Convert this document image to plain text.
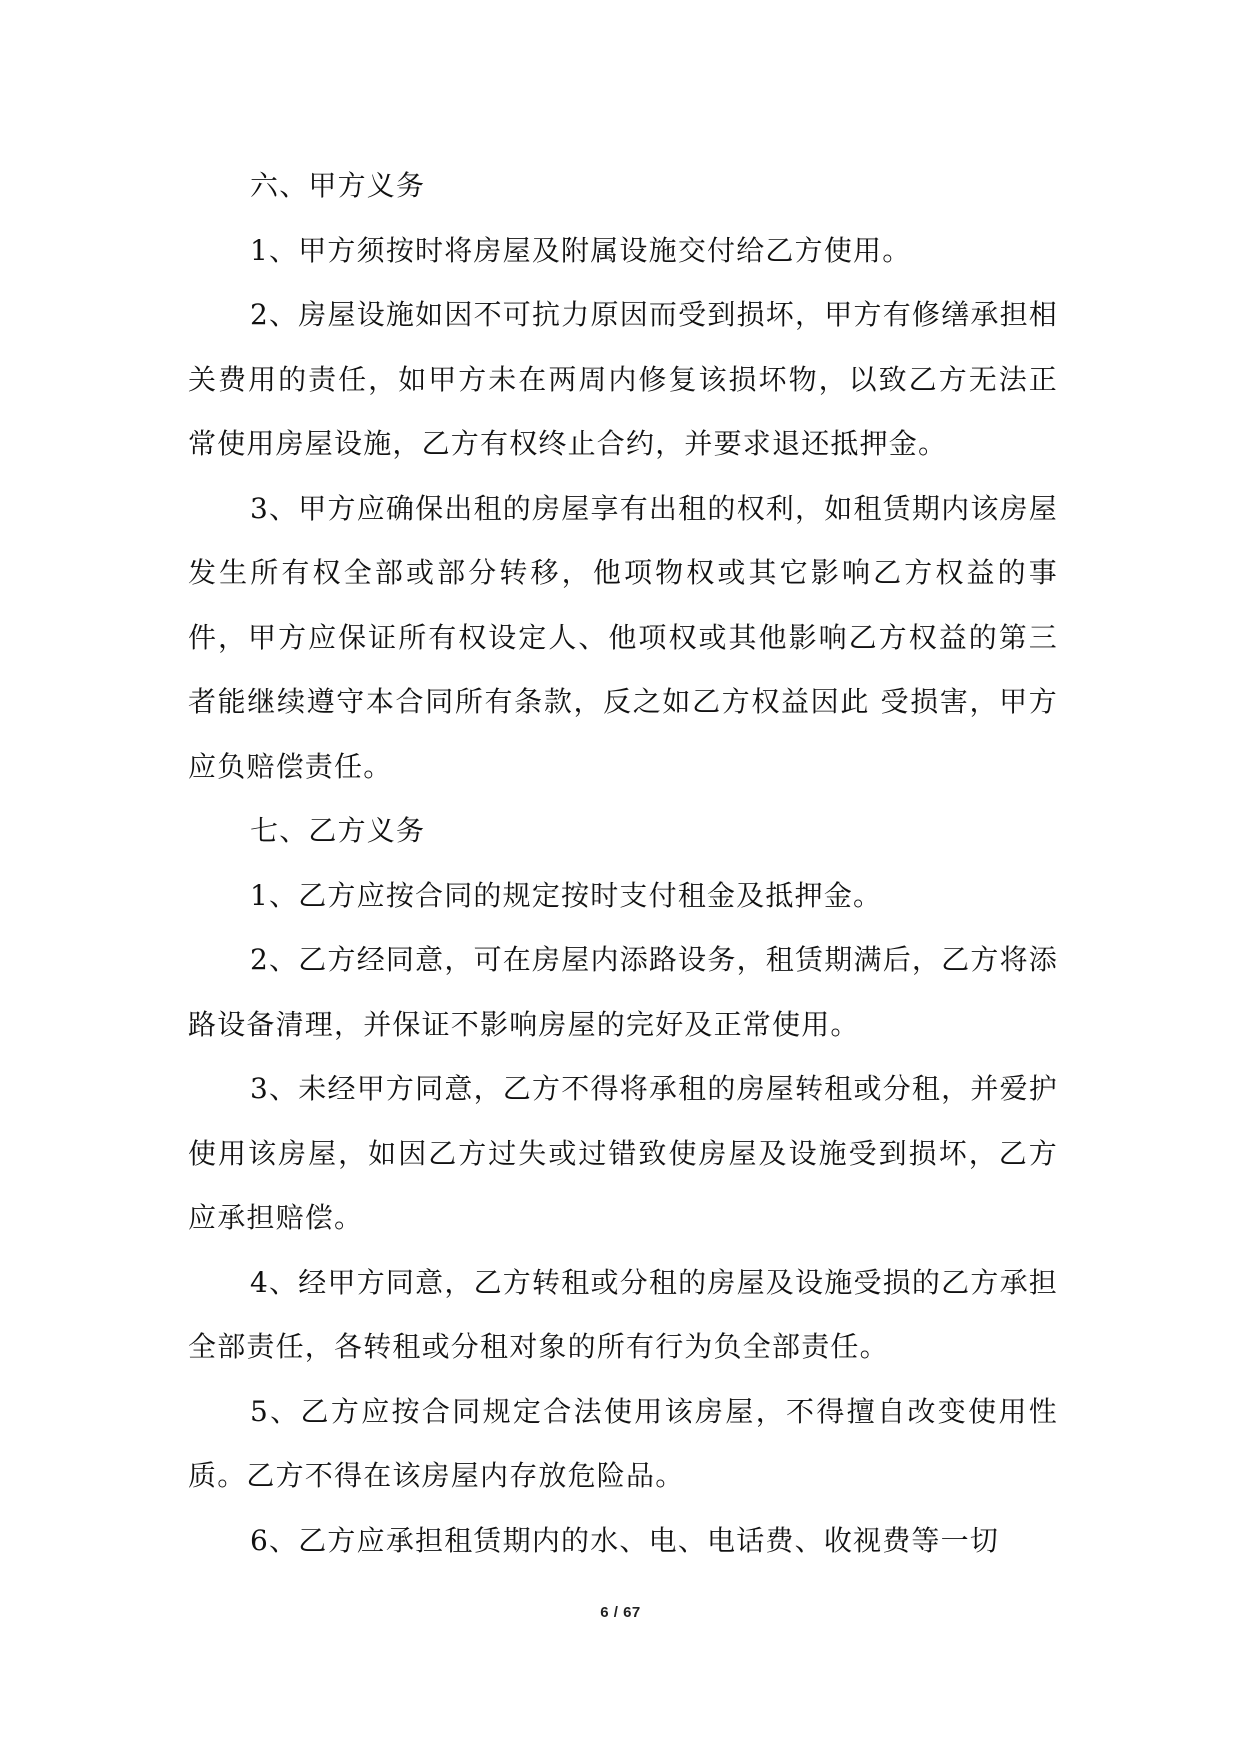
六、甲方义务

1、甲方须按时将房屋及附属设施交付给乙方使用。

2、房屋设施如因不可抗力原因而受到损坏，甲方有修缮承担相关费用的责任，如甲方未在两周内修复该损坏物，以致乙方无法正常使用房屋设施，乙方有权终止合约，并要求退还抵押金。

3、甲方应确保出租的房屋享有出租的权利，如租赁期内该房屋发生所有权全部或部分转移，他项物权或其它影响乙方权益的事件，甲方应保证所有权设定人、他项权或其他影响乙方权益的第三者能继续遵守本合同所有条款，反之如乙方权益因此 受损害，甲方应负赔偿责任。

七、乙方义务

1、乙方应按合同的规定按时支付租金及抵押金。

2、乙方经同意，可在房屋内添路设务，租赁期满后，乙方将添路设备清理，并保证不影响房屋的完好及正常使用。

3、未经甲方同意，乙方不得将承租的房屋转租或分租，并爱护使用该房屋，如因乙方过失或过错致使房屋及设施受到损坏，乙方应承担赔偿。

4、经甲方同意，乙方转租或分租的房屋及设施受损的乙方承担全部责任，各转租或分租对象的所有行为负全部责任。

5、乙方应按合同规定合法使用该房屋，不得擅自改变使用性质。乙方不得在该房屋内存放危险品。

6、乙方应承担租赁期内的水、电、电话费、收视费等一切

6 / 67
